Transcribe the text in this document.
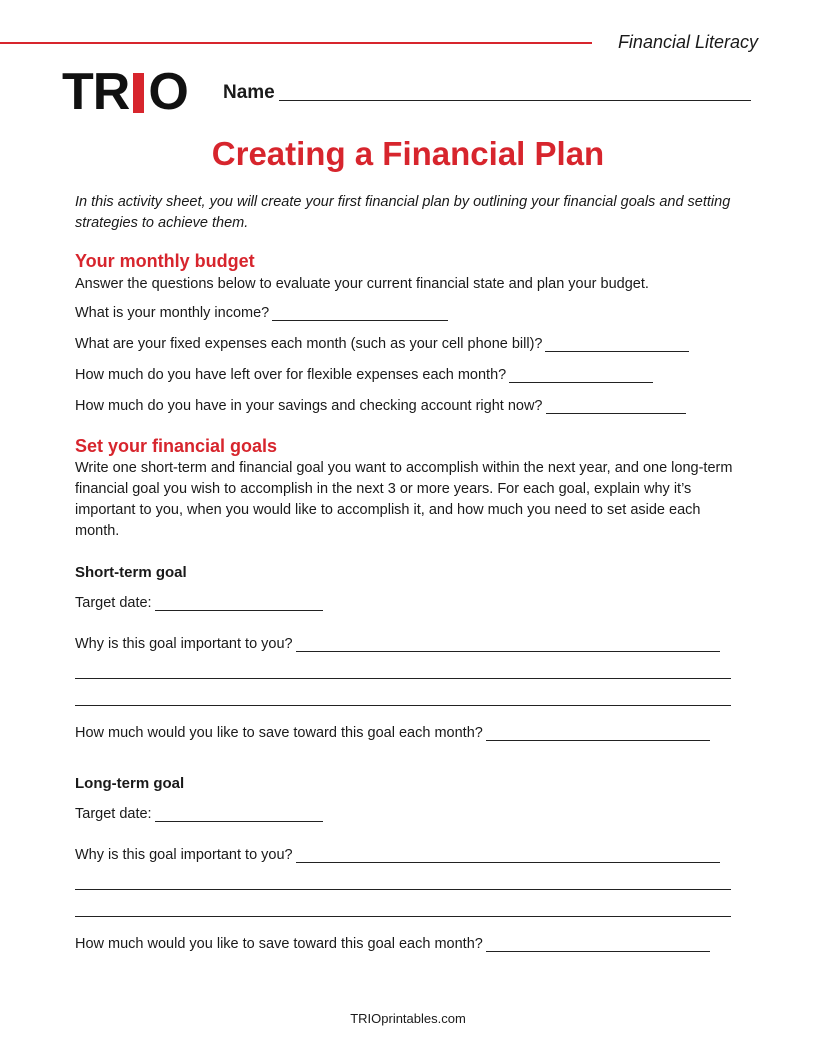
Financial Literacy
T R O Name
Creating a Financial Plan
In this activity sheet, you will create your first financial plan by outlining your financial goals and setting strategies to achieve them.
Your monthly budget
Answer the questions below to evaluate your current financial state and plan your budget.
What is your monthly income?
What are your fixed expenses each month (such as your cell phone bill)?
How much do you have left over for flexible expenses each month?
How much do you have in your savings and checking account right now?
Set your financial goals
Write one short-term and financial goal you want to accomplish within the next year, and one long-term financial goal you wish to accomplish in the next 3 or more years. For each goal, explain why it’s important to you, when you would like to accomplish it, and how much you need to set aside each month.
Short-term goal
Target date:
Why is this goal important to you?
How much would you like to save toward this goal each month?
Long-term goal
Target date:
Why is this goal important to you?
How much would you like to save toward this goal each month?
TRIOprintables.com
